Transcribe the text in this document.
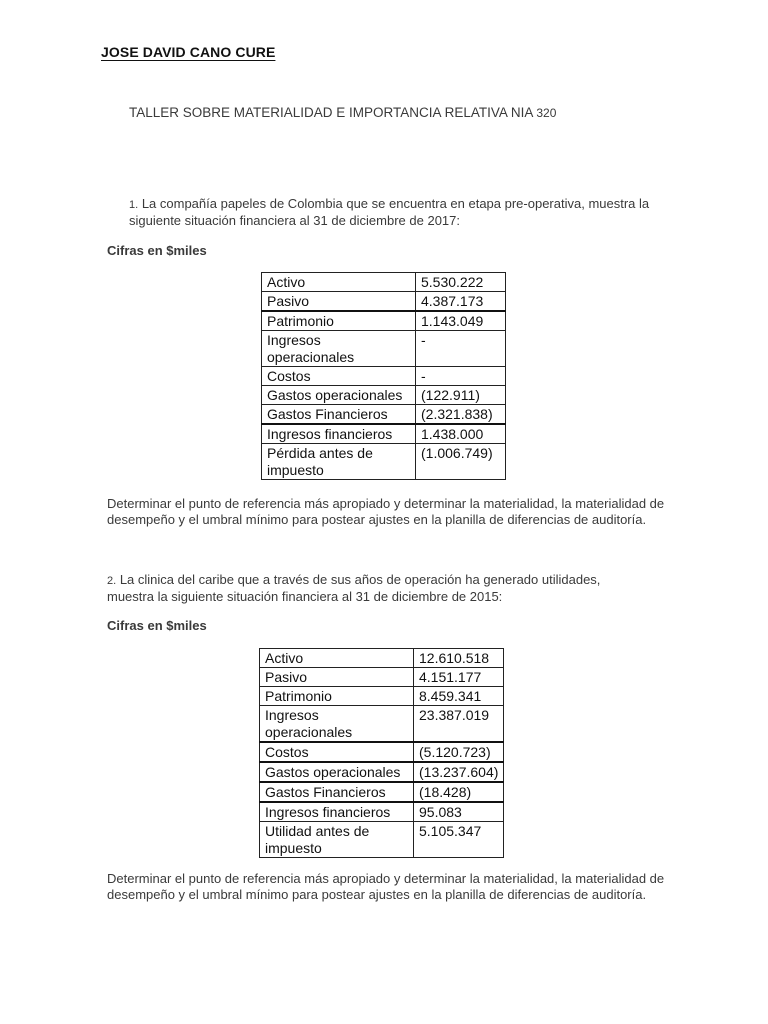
JOSE DAVID CANO CURE
TALLER SOBRE MATERIALIDAD E IMPORTANCIA RELATIVA NIA 320
1. La compañía papeles de Colombia que se encuentra en etapa pre-operativa, muestra la siguiente situación financiera al 31 de diciembre de 2017:
Cifras en $miles
Activo	5.530.222
Pasivo	4.387.173
Patrimonio	1.143.049
Ingresos operacionales	-
Costos	-
Gastos operacionales	(122.911)
Gastos Financieros	(2.321.838)
Ingresos financieros	1.438.000
Pérdida antes de impuesto	(1.006.749)
Determinar el punto de referencia más apropiado y determinar la materialidad, la materialidad de desempeño y el umbral mínimo para postear ajustes en la planilla de diferencias de auditoría.
2. La clinica del caribe que a través de sus años de operación ha generado utilidades, muestra la siguiente situación financiera al 31 de diciembre de 2015:
Cifras en $miles
Activo	12.610.518
Pasivo	4.151.177
Patrimonio	8.459.341
Ingresos operacionales	23.387.019
Costos	(5.120.723)
Gastos operacionales	(13.237.604)
Gastos Financieros	(18.428)
Ingresos financieros	95.083
Utilidad antes de impuesto	5.105.347
Determinar el punto de referencia más apropiado y determinar la materialidad, la materialidad de desempeño y el umbral mínimo para postear ajustes en la planilla de diferencias de auditoría.
